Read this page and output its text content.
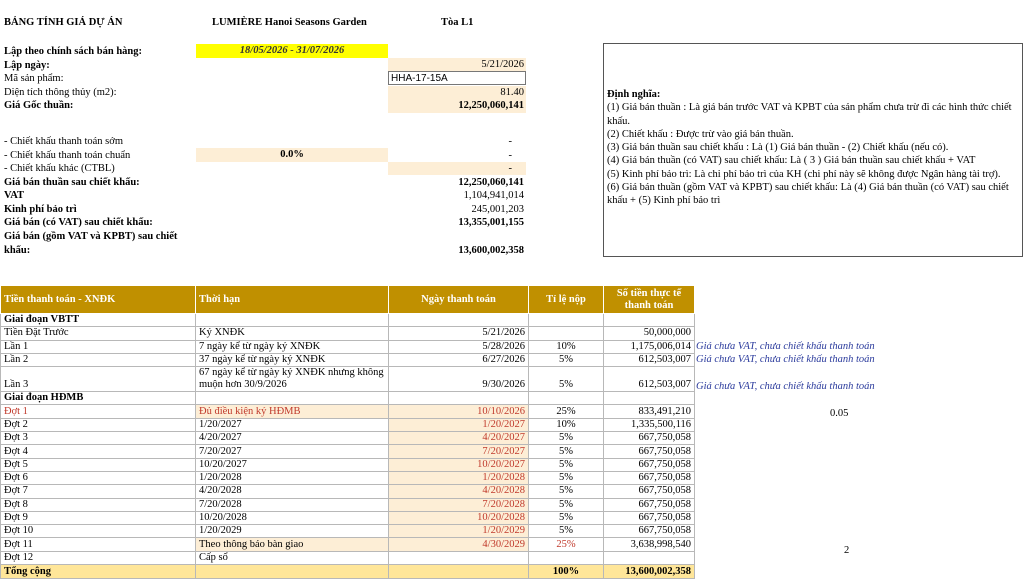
BẢNG TÍNH GIÁ DỰ ÁN	LUMIÈRE Hanoi Seasons Garden	Tòa L1
Lập theo chính sách bán hàng:	18/05/2026 - 31/07/2026
Lập ngày:	5/21/2026
Mã sản phẩm:	HHA-17-15A
Diện tích thông thủy (m2):	81.40
Giá Gốc thuần:	12,250,060,141
- Chiết khấu thanh toán sớm	-
- Chiết khấu thanh toán chuẩn	0.0%	-
- Chiết khấu khác (CTBL)	-
Giá bán thuần sau chiết khấu:	12,250,060,141
VAT	1,104,941,014
Kinh phí bảo trì	245,001,203
Giá bán (có VAT) sau chiết khấu:	13,355,001,155
Giá bán (gồm VAT và KPBT) sau chiết
khấu:	13,600,002,358

Định nghĩa:

(1) Giá bán thuần : Là giá bán trước VAT và KPBT của sản phẩm chưa trừ đi các hình thức chiết khấu.

(2) Chiết khấu : Được trừ vào giá bán thuần.

(3) Giá bán thuần sau chiết khấu : Là (1) Giá bán thuần - (2) Chiết khấu (nếu có).

(4) Giá bán thuần (có VAT) sau chiết khấu: Là ( 3 ) Giá bán thuần sau chiết khấu + VAT

(5) Kinh phí bảo trì: Là chi phí bảo trì của KH (chi phí này sẽ không được Ngân hàng tài trợ).

(6) Giá bán thuần (gồm VAT và KPBT) sau chiết khấu: Là (4) Giá bán thuần (có VAT) sau chiết khấu + (5) Kinh phí bảo trì

Tiền thanh toán - XNĐK	Thời hạn	Ngày thanh toán	Tỉ lệ nộp	Số tiền thực tế thanh toán
Giai đoạn VBTT				
Tiền Đặt Trước	Ký XNĐK	5/21/2026		50,000,000
Lần 1	7 ngày kể từ ngày ký XNĐK	5/28/2026	10%	1,175,006,014
Lần 2	37 ngày kể từ ngày ký XNĐK	6/27/2026	5%	612,503,007
Lần 3	67 ngày kể từ ngày ký XNĐK nhưng không muộn hơn 30/9/2026	9/30/2026	5%	612,503,007
Giai đoạn HĐMB				
Đợt 1	Đủ điều kiện ký HĐMB	10/10/2026	25%	833,491,210
Đợt 2	1/20/2027	1/20/2027	10%	1,335,500,116
Đợt 3	4/20/2027	4/20/2027	5%	667,750,058
Đợt 4	7/20/2027	7/20/2027	5%	667,750,058
Đợt 5	10/20/2027	10/20/2027	5%	667,750,058
Đợt 6	1/20/2028	1/20/2028	5%	667,750,058
Đợt 7	4/20/2028	4/20/2028	5%	667,750,058
Đợt 8	7/20/2028	7/20/2028	5%	667,750,058
Đợt 9	10/20/2028	10/20/2028	5%	667,750,058
Đợt 10	1/20/2029	1/20/2029	5%	667,750,058
Đợt 11	Theo thông báo bàn giao	4/30/2029	25%	3,638,998,540
Đợt 12	Cấp sổ			
Tổng cộng			100%	13,600,002,358
Giá chưa VAT, chưa chiết khấu thanh toán
Giá chưa VAT, chưa chiết khấu thanh toán
Giá chưa VAT, chưa chiết khấu thanh toán
0.05
2
